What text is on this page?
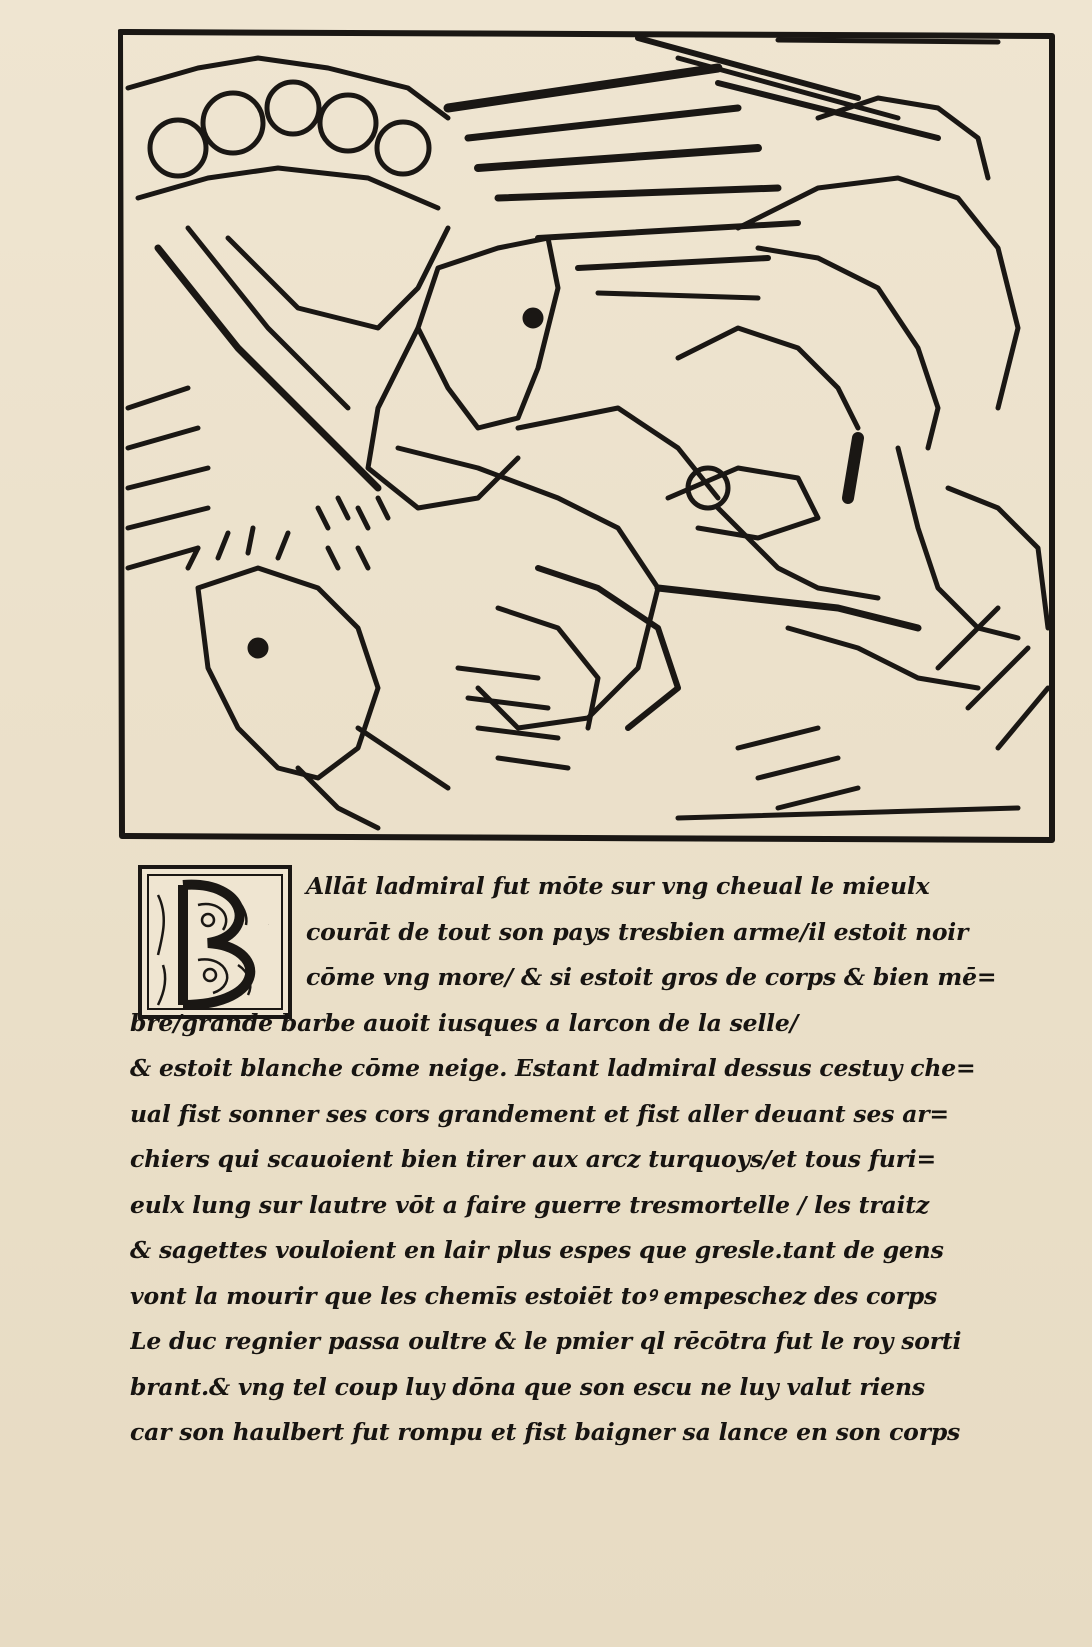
B
Allāt ladmiral fut mōte sur vng cheual le mieulx
courāt de tout son pays tresbien arme/il estoit noir
cōme vng more/ & si estoit gros de corps & bien mē=
bre/grande barbe auoit iusques a larcon de la selle/
& estoit blanche cōme neige. Estant ladmiral dessus cestuy che=
ual fist sonner ses cors grandement et fist aller deuant ses ar=
chiers qui scauoient bien tirer aux arcz turquoys/et tous furi=
eulx lung sur lautre vōt a faire guerre tresmortelle / les traitz
& sagettes vouloient en lair plus espes que gresle.tant de gens
vont la mourir que les chemīs estoiēt toꝰ empeschez des corps
Le duc regnier passa oultre & le pmier ql rēcōtra fut le roy sorti
brant.& vng tel coup luy dōna que son escu ne luy valut riens
car son haulbert fut rompu et fist baigner sa lance en son corps
